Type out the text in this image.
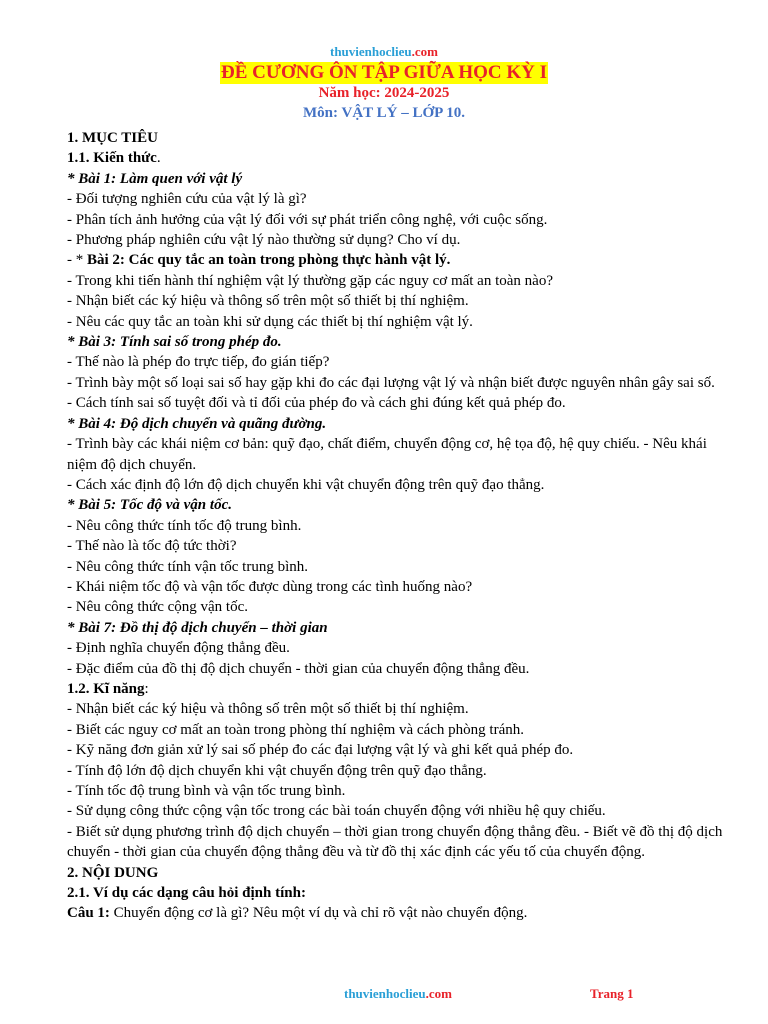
thuvienhoclieu.com
ĐỀ CƯƠNG ÔN TẬP GIỮA HỌC KỲ I
Năm học: 2024-2025
Môn: VẬT LÝ – LỚP 10.

1. MỤC TIÊU

1.1. Kiến thức.

* Bài 1: Làm quen với vật lý

- Đối tượng nghiên cứu của vật lý là gì?

- Phân tích ảnh hưởng của vật lý đối với sự phát triển công nghệ, với cuộc sống.

- Phương pháp nghiên cứu vật lý nào thường sử dụng? Cho ví dụ.

- * Bài 2: Các quy tắc an toàn trong phòng thực hành vật lý.

- Trong khi tiến hành thí nghiệm vật lý thường gặp các nguy cơ mất an toàn nào?

- Nhận biết các ký hiệu và thông số trên một số thiết bị thí nghiệm.

- Nêu các quy tắc an toàn khi sử dụng các thiết bị thí nghiệm vật lý.

* Bài 3: Tính sai số trong phép đo.

- Thế nào là phép đo trực tiếp, đo gián tiếp?

- Trình bày một số loại sai số hay gặp khi đo các đại lượng vật lý và nhận biết được nguyên nhân gây sai số.

- Cách tính sai số tuyệt đối và tỉ đối của phép đo và cách ghi đúng kết quả phép đo.

* Bài 4: Độ dịch chuyển và quãng đường.

- Trình bày các khái niệm cơ bản: quỹ đạo, chất điểm, chuyển động cơ, hệ tọa độ, hệ quy chiếu. - Nêu khái niệm độ dịch chuyển.

- Cách xác định độ lớn độ dịch chuyển khi vật chuyển động trên quỹ đạo thẳng.

* Bài 5: Tốc độ và vận tốc.

- Nêu công thức tính tốc độ trung bình.

- Thế nào là tốc độ tức thời?

- Nêu công thức tính vận tốc trung bình.

- Khái niệm tốc độ và vận tốc được dùng trong các tình huống nào?

- Nêu công thức cộng vận tốc.

* Bài 7: Đồ thị độ dịch chuyển – thời gian

- Định nghĩa chuyển động thẳng đều.

- Đặc điểm của đồ thị độ dịch chuyển - thời gian của chuyển động thẳng đều.

1.2. Kĩ năng:

- Nhận biết các ký hiệu và thông số trên một số thiết bị thí nghiệm.

- Biết các nguy cơ mất an toàn trong phòng thí nghiệm và cách phòng tránh.

- Kỹ năng đơn giản xử lý sai số phép đo các đại lượng vật lý và ghi kết quả phép đo.

- Tính độ lớn độ dịch chuyển khi vật chuyển động trên quỹ đạo thẳng.

- Tính tốc độ trung bình và vận tốc trung bình.

- Sử dụng công thức cộng vận tốc trong các bài toán chuyển động với nhiều hệ quy chiếu.

- Biết sử dụng phương trình độ dịch chuyển – thời gian trong chuyển động thẳng đều. - Biết vẽ đồ thị độ dịch chuyển - thời gian của chuyển động thẳng đều và từ đồ thị xác định các yếu tố của chuyển động.

2. NỘI DUNG

2.1. Ví dụ các dạng câu hỏi định tính:

Câu 1: Chuyển động cơ là gì? Nêu một ví dụ và chỉ rõ vật nào chuyển động.

thuvienhoclieu.com	Trang 1
